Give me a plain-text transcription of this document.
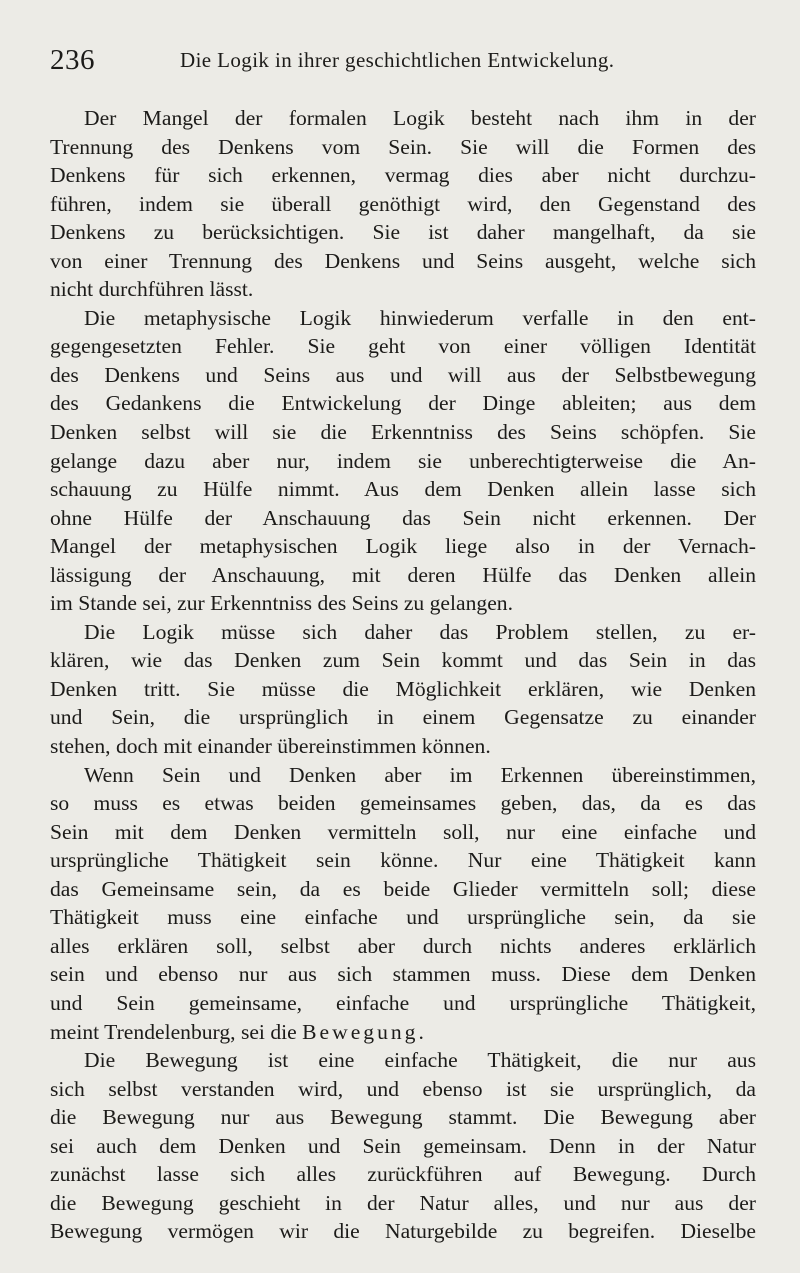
236	Die Logik in ihrer geschichtlichen Entwickelung.
Der Mangel der formalen Logik besteht nach ihm in der
Trennung des Denkens vom Sein. Sie will die Formen des
Denkens für sich erkennen, vermag dies aber nicht durchzu-
führen, indem sie überall genöthigt wird, den Gegenstand des
Denkens zu berücksichtigen. Sie ist daher mangelhaft, da sie
von einer Trennung des Denkens und Seins ausgeht, welche sich
nicht durchführen lässt.
Die metaphysische Logik hinwiederum verfalle in den ent-
gegengesetzten Fehler. Sie geht von einer völligen Identität
des Denkens und Seins aus und will aus der Selbstbewegung
des Gedankens die Entwickelung der Dinge ableiten; aus dem
Denken selbst will sie die Erkenntniss des Seins schöpfen. Sie
gelange dazu aber nur, indem sie unberechtigterweise die An-
schauung zu Hülfe nimmt. Aus dem Denken allein lasse sich
ohne Hülfe der Anschauung das Sein nicht erkennen. Der
Mangel der metaphysischen Logik liege also in der Vernach-
lässigung der Anschauung, mit deren Hülfe das Denken allein
im Stande sei, zur Erkenntniss des Seins zu gelangen.
Die Logik müsse sich daher das Problem stellen, zu er-
klären, wie das Denken zum Sein kommt und das Sein in das
Denken tritt. Sie müsse die Möglichkeit erklären, wie Denken
und Sein, die ursprünglich in einem Gegensatze zu einander
stehen, doch mit einander übereinstimmen können.
Wenn Sein und Denken aber im Erkennen übereinstimmen,
so muss es etwas beiden gemeinsames geben, das, da es das
Sein mit dem Denken vermitteln soll, nur eine einfache und
ursprüngliche Thätigkeit sein könne. Nur eine Thätigkeit kann
das Gemeinsame sein, da es beide Glieder vermitteln soll; diese
Thätigkeit muss eine einfache und ursprüngliche sein, da sie
alles erklären soll, selbst aber durch nichts anderes erklärlich
sein und ebenso nur aus sich stammen muss. Diese dem Denken
und Sein gemeinsame, einfache und ursprüngliche Thätigkeit,
meint Trendelenburg, sei die Bewegung.
Die Bewegung ist eine einfache Thätigkeit, die nur aus
sich selbst verstanden wird, und ebenso ist sie ursprünglich, da
die Bewegung nur aus Bewegung stammt. Die Bewegung aber
sei auch dem Denken und Sein gemeinsam. Denn in der Natur
zunächst lasse sich alles zurückführen auf Bewegung. Durch
die Bewegung geschieht in der Natur alles, und nur aus der
Bewegung vermögen wir die Naturgebilde zu begreifen. Dieselbe
